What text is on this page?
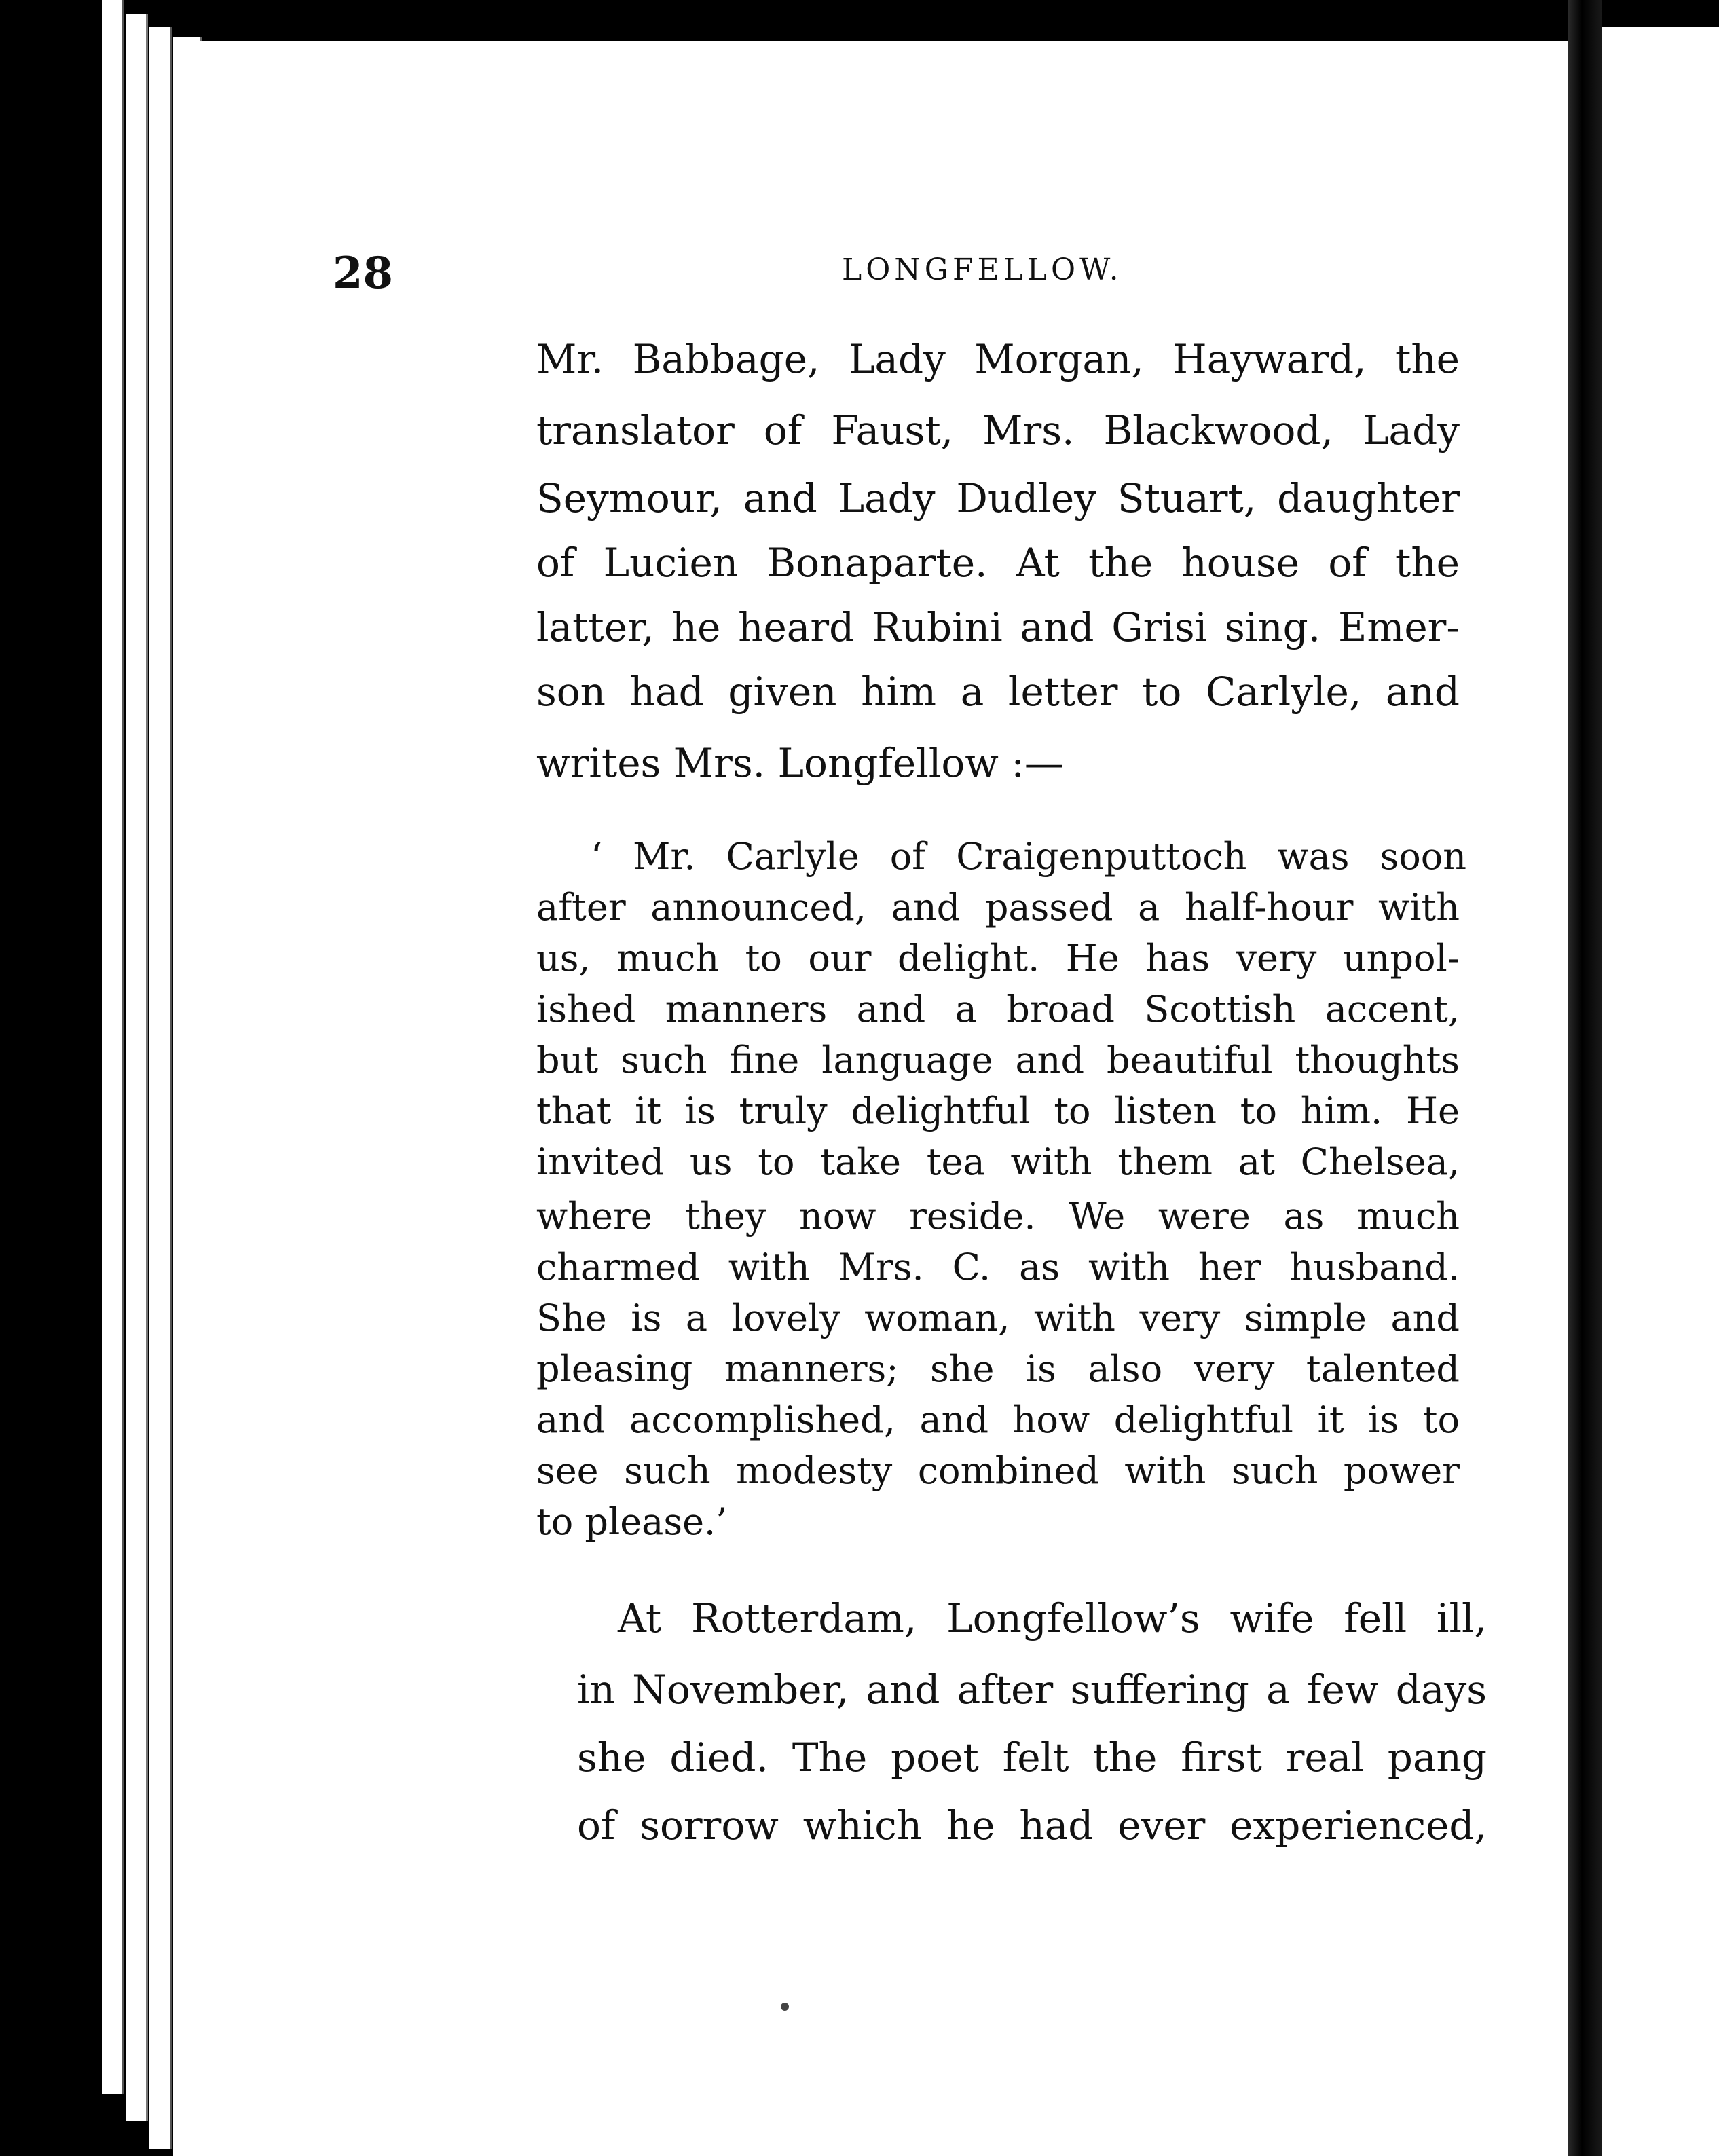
28	LONGFELLOW.
Mr. Babbage, Lady Morgan, Hayward, the
translator of Faust, Mrs. Blackwood, Lady
Seymour, and Lady Dudley Stuart, daughter
of Lucien Bonaparte. At the house of the
latter, he heard Rubini and Grisi sing. Emer-
son had given him a letter to Carlyle, and
writes Mrs. Longfellow :—
‘ Mr. Carlyle of Craigenputtoch was soon
after announced, and passed a half-hour with
us, much to our delight. He has very unpol-
ished manners and a broad Scottish accent,
but such fine language and beautiful thoughts
that it is truly delightful to listen to him. He
invited us to take tea with them at Chelsea,
where they now reside. We were as much
charmed with Mrs. C. as with her husband.
She is a lovely woman, with very simple and
pleasing manners; she is also very talented
and accomplished, and how delightful it is to
see such modesty combined with such power
to please.’
At Rotterdam, Longfellow’s wife fell ill,
in November, and after suffering a few days
she died. The poet felt the first real pang
of sorrow which he had ever experienced,
